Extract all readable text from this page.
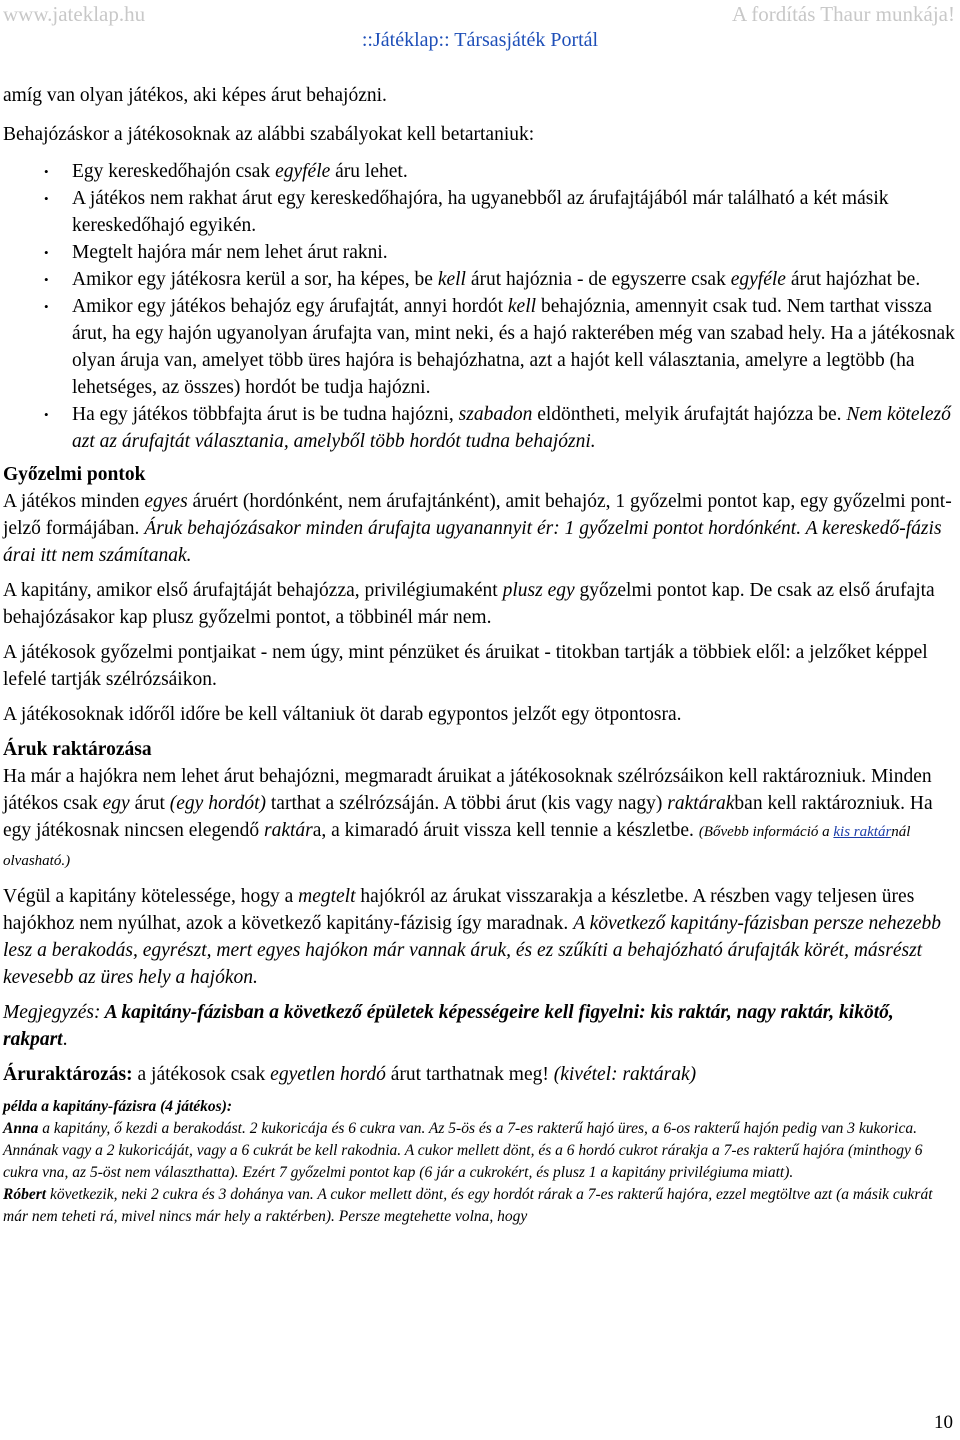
www.jateklap.hu	A fordítás Thaur munkája!
::Játéklap:: Társasjáték Portál

amíg van olyan játékos, aki képes árut behajózni.

Behajózáskor a játékosoknak az alábbi szabályokat kell betartaniuk:

• Egy kereskedőhajón csak egyféle áru lehet.
• A játékos nem rakhat árut egy kereskedőhajóra, ha ugyanebből az árufajtájából már található a két másik kereskedőhajó egyikén.
• Megtelt hajóra már nem lehet árut rakni.
• Amikor egy játékosra kerül a sor, ha képes, be kell árut hajóznia - de egyszerre csak egyféle árut hajózhat be.
• Amikor egy játékos behajóz egy árufajtát, annyi hordót kell behajóznia, amennyit csak tud. Nem tarthat vissza árut, ha egy hajón ugyanolyan árufajta van, mint neki, és a hajó rakterében még van szabad hely. Ha a játékosnak olyan áruja van, amelyet több üres hajóra is behajózhatna, azt a hajót kell választania, amelyre a legtöbb (ha lehetséges, az összes) hordót be tudja hajózni.
• Ha egy játékos többfajta árut is be tudna hajózni, szabadon eldöntheti, melyik árufajtát hajózza be. Nem kötelező azt az árufajtát választania, amelyből több hordót tudna behajózni.
Győzelmi pontok

A játékos minden egyes áruért (hordónként, nem árufajtánként), amit behajóz, 1 győzelmi pontot kap, egy győzelmi pont-jelző formájában. Áruk behajózásakor minden árufajta ugyanannyit ér: 1 győzelmi pontot hordónként. A kereskedő-fázis árai itt nem számítanak.

A kapitány, amikor első árufajtáját behajózza, privilégiumaként plusz egy győzelmi pontot kap. De csak az első árufajta behajózásakor kap plusz győzelmi pontot, a többinél már nem.

A játékosok győzelmi pontjaikat - nem úgy, mint pénzüket és áruikat - titokban tartják a többiek elől: a jelzőket képpel lefelé tartják szélrózsáikon.

A játékosoknak időről időre be kell váltaniuk öt darab egypontos jelzőt egy ötpontosra.

Áruk raktározása

Ha már a hajókra nem lehet árut behajózni, megmaradt áruikat a játékosoknak szélrózsáikon kell raktározniuk. Minden játékos csak egy árut (egy hordót) tarthat a szélrózsáján. A többi árut (kis vagy nagy) raktárakban kell raktározniuk. Ha egy játékosnak nincsen elegendő raktára, a kimaradó áruit vissza kell tennie a készletbe. (Bővebb információ a kis raktárnál olvasható.)

Végül a kapitány kötelessége, hogy a megtelt hajókról az árukat visszarakja a készletbe. A részben vagy teljesen üres hajókhoz nem nyúlhat, azok a következő kapitány-fázisig így maradnak. A következő kapitány-fázisban persze nehezebb lesz a berakodás, egyrészt, mert egyes hajókon már vannak áruk, és ez szűkíti a behajózható árufajták körét, másrészt kevesebb az üres hely a hajókon.

Megjegyzés: A kapitány-fázisban a következő épületek képességeire kell figyelni: kis raktár, nagy raktár, kikötő, rakpart.

Áruraktározás: a játékosok csak egyetlen hordó árut tarthatnak meg! (kivétel: raktárak)

példa a kapitány-fázisra (4 játékos):

Anna a kapitány, ő kezdi a berakodást. 2 kukoricája és 6 cukra van. Az 5-ös és a 7-es rakterű hajó üres, a 6-os rakterű hajón pedig van 3 kukorica. Annának vagy a 2 kukoricáját, vagy a 6 cukrát be kell rakodnia. A cukor mellett dönt, és a 6 hordó cukrot rárakja a 7-es rakterű hajóra (minthogy 6 cukra vna, az 5-öst nem választhatta). Ezért 7 győzelmi pontot kap (6 jár a cukrokért, és plusz 1 a kapitány privilégiuma miatt).

Róbert következik, neki 2 cukra és 3 dohánya van. A cukor mellett dönt, és egy hordót rárak a 7-es rakterű hajóra, ezzel megtöltve azt (a másik cukrát már nem teheti rá, mivel nincs már hely a raktérben). Persze megtehette volna, hogy

10
